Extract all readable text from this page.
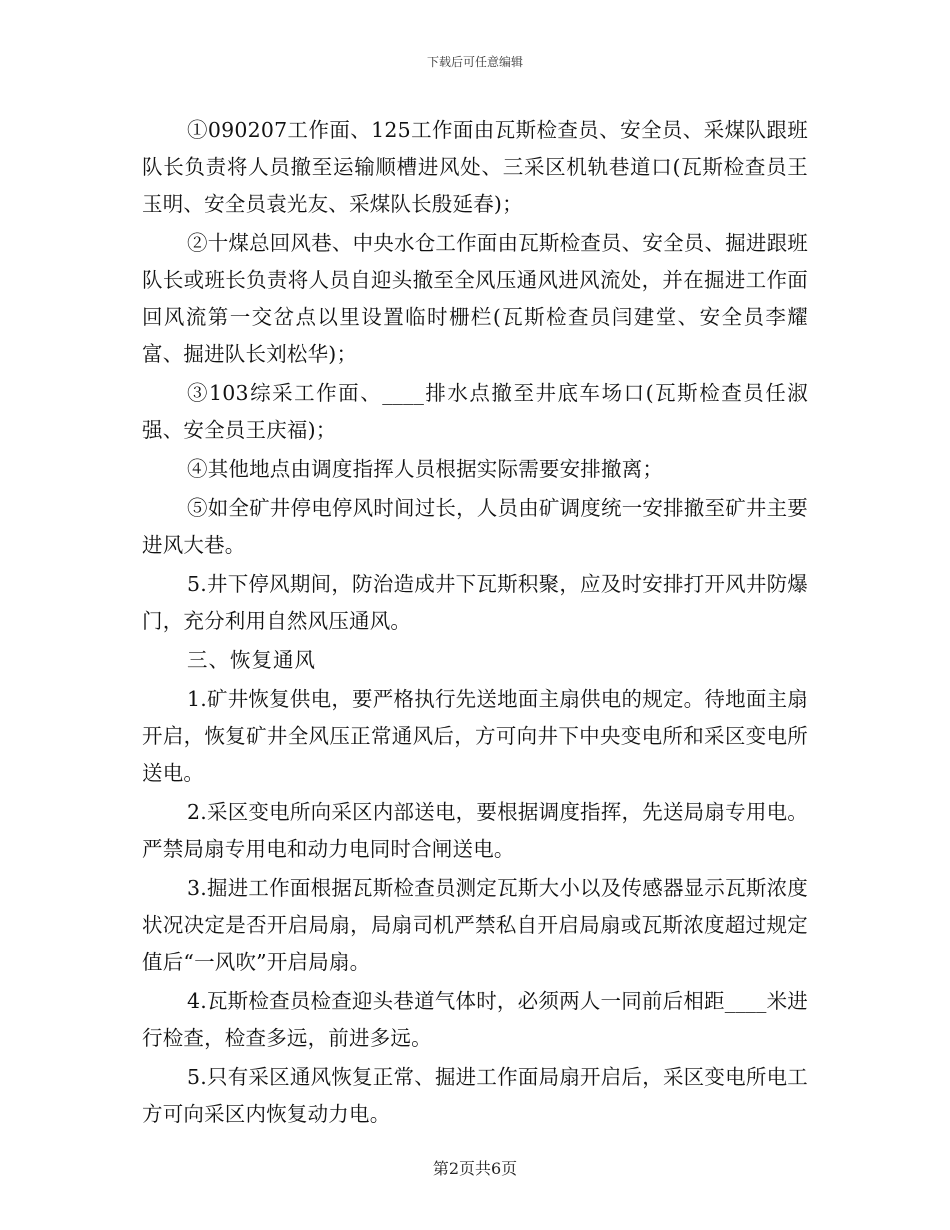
下载后可任意编辑

①090207工作面、125工作面由瓦斯检查员、安全员、采煤队跟班队长负责将人员撤至运输顺槽进风处、三采区机轨巷道口(瓦斯检查员王玉明、安全员袁光友、采煤队长殷延春)；

②十煤总回风巷、中央水仓工作面由瓦斯检查员、安全员、掘进跟班队长或班长负责将人员自迎头撤至全风压通风进风流处，并在掘进工作面回风流第一交岔点以里设置临时栅栏(瓦斯检查员闫建堂、安全员李耀富、掘进队长刘松华)；

③103综采工作面、____排水点撤至井底车场口(瓦斯检查员任淑强、安全员王庆福)；

④其他地点由调度指挥人员根据实际需要安排撤离；

⑤如全矿井停电停风时间过长，人员由矿调度统一安排撤至矿井主要进风大巷。

5.井下停风期间，防治造成井下瓦斯积聚，应及时安排打开风井防爆门，充分利用自然风压通风。

三、恢复通风

1.矿井恢复供电，要严格执行先送地面主扇供电的规定。待地面主扇开启，恢复矿井全风压正常通风后，方可向井下中央变电所和采区变电所送电。

2.采区变电所向采区内部送电，要根据调度指挥，先送局扇专用电。严禁局扇专用电和动力电同时合闸送电。

3.掘进工作面根据瓦斯检查员测定瓦斯大小以及传感器显示瓦斯浓度状况决定是否开启局扇，局扇司机严禁私自开启局扇或瓦斯浓度超过规定值后“一风吹”开启局扇。

4.瓦斯检查员检查迎头巷道气体时，必须两人一同前后相距____米进行检查，检查多远，前进多远。

5.只有采区通风恢复正常、掘进工作面局扇开启后，采区变电所电工方可向采区内恢复动力电。

第2页共6页
